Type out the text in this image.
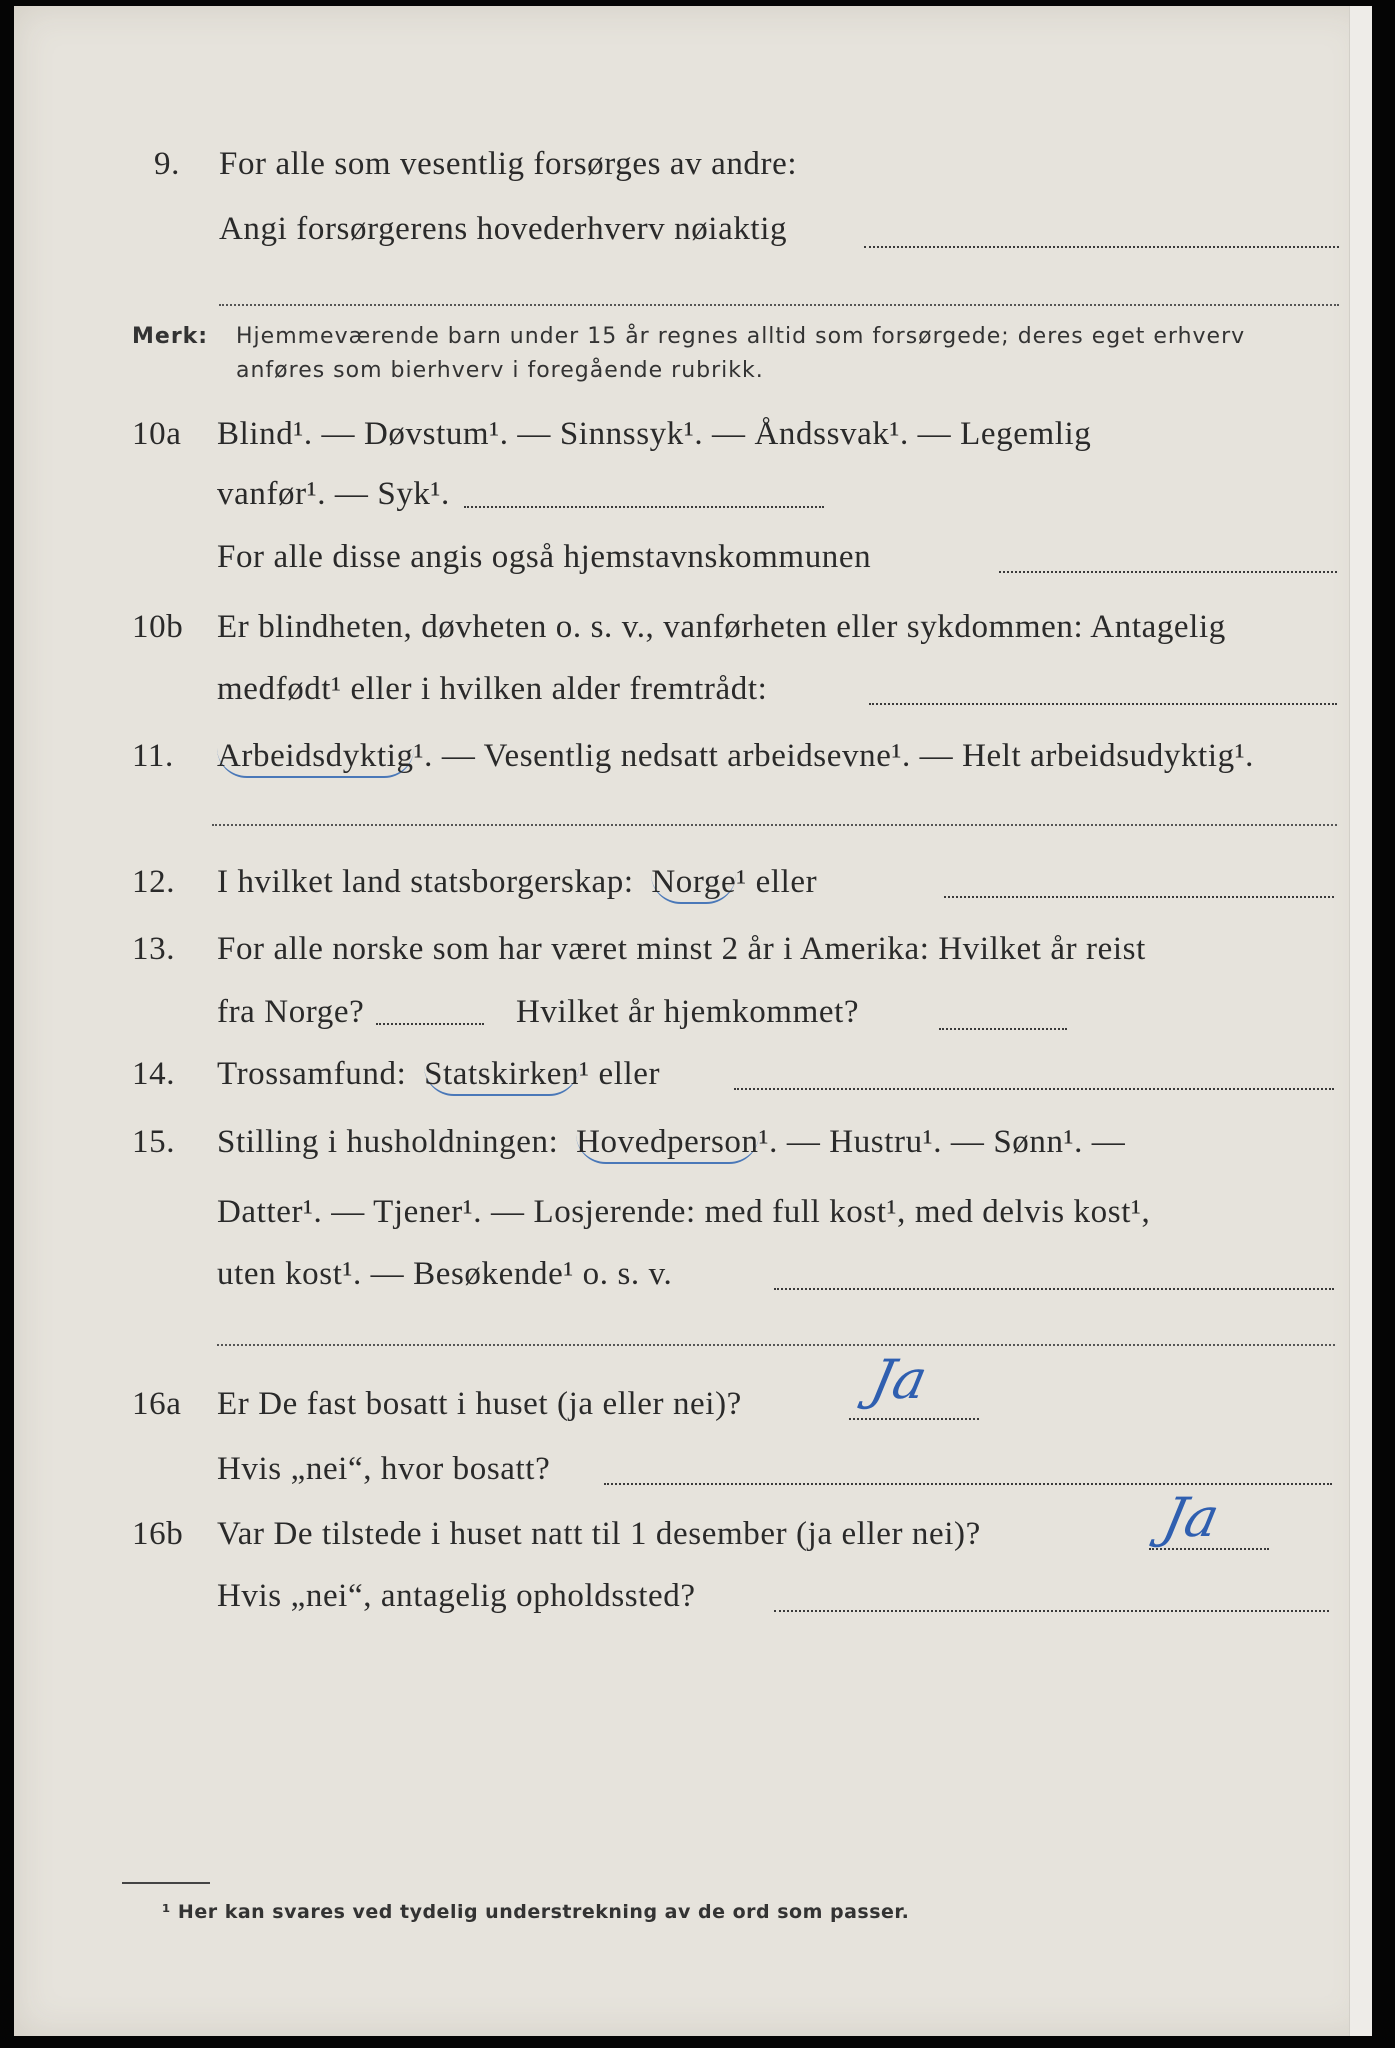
9. For alle som vesentlig forsørges av andre:
Angi forsørgerens hovederhverv nøiaktig
Merk: Hjemmeværende barn under 15 år regnes alltid som forsørgede; deres eget erhverv
anføres som bierhverv i foregående rubrikk.
10a Blind¹. — Døvstum¹. — Sinnssyk¹. — Åndssvak¹. — Legemlig
vanfør¹. — Syk¹.
For alle disse angis også hjemstavnskommunen
10b Er blindheten, døvheten o. s. v., vanførheten eller sykdommen: Antagelig
medfødt¹ eller i hvilken alder fremtrådt:
11. Arbeidsdyktig¹. — Vesentlig nedsatt arbeidsevne¹. — Helt arbeidsudyktig¹.
12. I hvilket land statsborgerskap: Norge¹ eller
13. For alle norske som har været minst 2 år i Amerika: Hvilket år reist
fra Norge?	Hvilket år hjemkommet?
14. Trossamfund: Statskirken¹ eller
15. Stilling i husholdningen: Hovedperson¹. — Hustru¹. — Sønn¹. —
Datter¹. — Tjener¹. — Losjerende: med full kost¹, med delvis kost¹,
uten kost¹. — Besøkende¹ o. s. v.
16a Er De fast bosatt i huset (ja eller nei)? Ja
Hvis „nei“, hvor bosatt?
16b Var De tilstede i huset natt til 1 desember (ja eller nei)?	Ja
Hvis „nei“, antagelig opholdssted?
¹ Her kan svares ved tydelig understrekning av de ord som passer.
